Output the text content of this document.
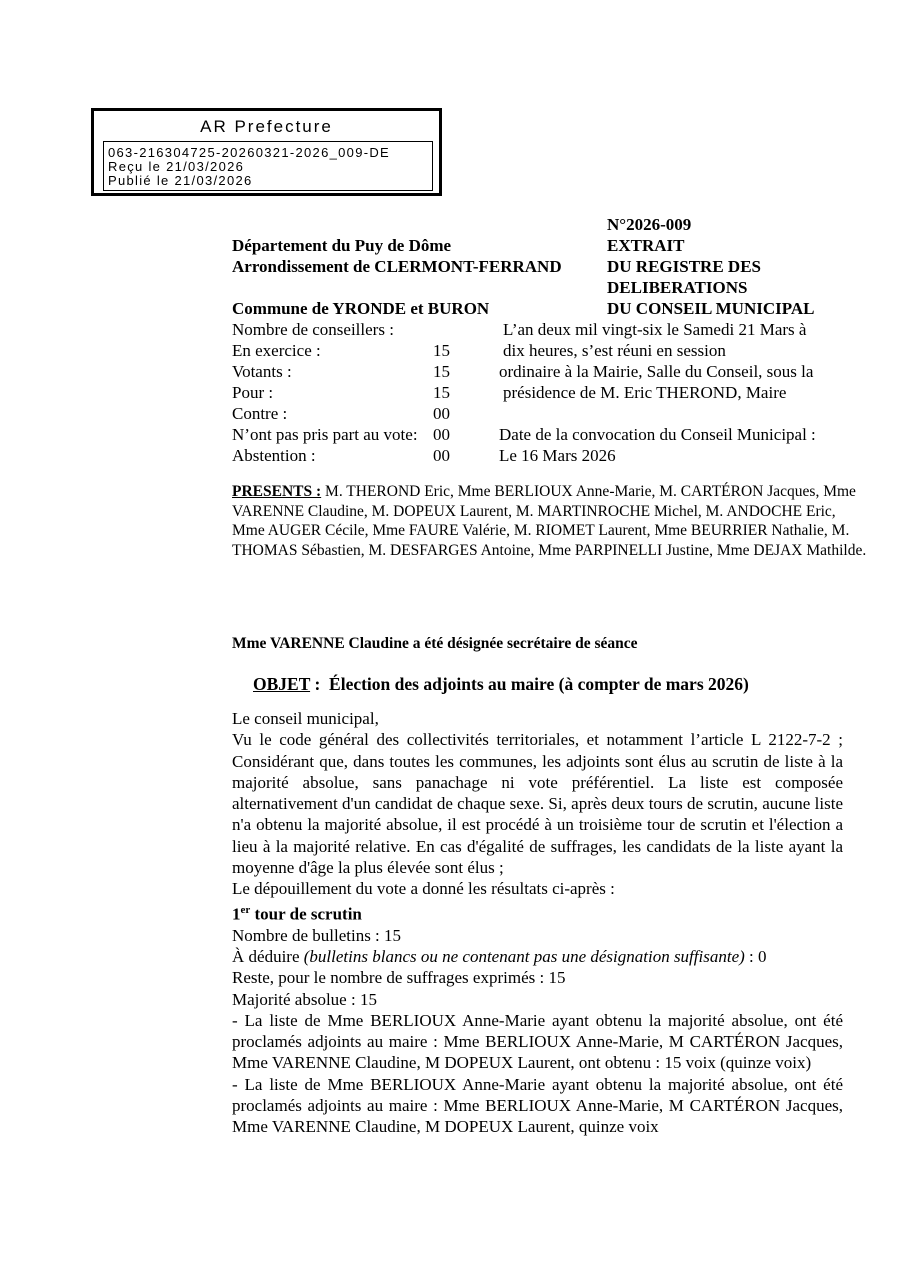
AR Prefecture
063-216304725-20260321-2026_009-DE
Reçu le 21/03/2026
Publié le 21/03/2026
N°2026-009
EXTRAIT
DU REGISTRE DES
DELIBERATIONS
DU CONSEIL MUNICIPAL
Département du Puy de Dôme
Arrondissement de CLERMONT-FERRAND
Commune de YRONDE et BURON
Nombre de conseillers :
En exercice :	15
Votants :	15
Pour :	15
Contre :	00
N’ont pas pris part au vote: 00
Abstention :	00
L’an deux mil vingt-six le Samedi 21 Mars à
dix heures, s’est réuni en session
ordinaire à la Mairie, Salle du Conseil, sous la
présidence de M. Eric THEROND, Maire
Date de la convocation du Conseil Municipal :
Le 16 Mars 2026
PRESENTS : M. THEROND Eric, Mme BERLIOUX Anne-Marie, M. CARTÉRON Jacques, Mme VARENNE Claudine, M. DOPEUX Laurent, M. MARTINROCHE Michel, M. ANDOCHE Eric, Mme AUGER Cécile, Mme FAURE Valérie, M. RIOMET Laurent, Mme BEURRIER Nathalie, M. THOMAS Sébastien, M. DESFARGES Antoine, Mme PARPINELLI Justine, Mme DEJAX Mathilde.
Mme VARENNE Claudine a été désignée secrétaire de séance
OBJET :  Élection des adjoints au maire (à compter de mars 2026)

Le conseil municipal,

Vu le code général des collectivités territoriales, et notamment l’article L 2122-7-2 ; Considérant que, dans toutes les communes, les adjoints sont élus au scrutin de liste à la majorité absolue, sans panachage ni vote préférentiel. La liste est composée alternativement d'un candidat de chaque sexe. Si, après deux tours de scrutin, aucune liste n'a obtenu la majorité absolue, il est procédé à un troisième tour de scrutin et l'élection a lieu à la majorité relative. En cas d'égalité de suffrages, les candidats de la liste ayant la moyenne d'âge la plus élevée sont élus ;

Le dépouillement du vote a donné les résultats ci-après :

1er tour de scrutin

Nombre de bulletins : 15

À déduire (bulletins blancs ou ne contenant pas une désignation suffisante) : 0

Reste, pour le nombre de suffrages exprimés : 15

Majorité absolue : 15

- La liste de Mme BERLIOUX Anne-Marie ayant obtenu la majorité absolue, ont été proclamés adjoints au maire : Mme BERLIOUX Anne-Marie, M CARTÉRON Jacques, Mme VARENNE Claudine, M DOPEUX Laurent, ont obtenu : 15 voix (quinze voix)

- La liste de Mme BERLIOUX Anne-Marie ayant obtenu la majorité absolue, ont été proclamés adjoints au maire : Mme BERLIOUX Anne-Marie, M CARTÉRON Jacques, Mme VARENNE Claudine, M DOPEUX Laurent, quinze voix
